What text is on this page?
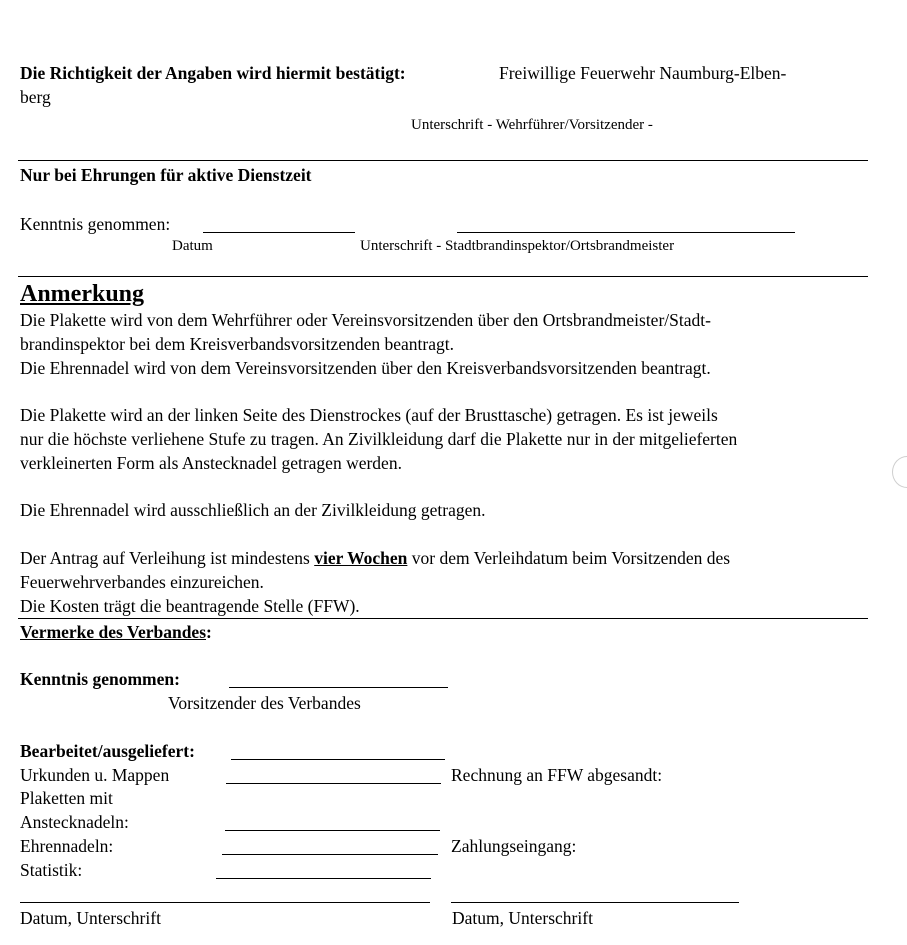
Die Richtigkeit der Angaben wird hiermit bestätigt:	Freiwillige Feuerwehr Naumburg-Elben-
berg
Unterschrift - Wehrführer/Vorsitzender -
Nur bei Ehrungen für aktive Dienstzeit
Kenntnis genommen:
Datum	Unterschrift - Stadtbrandinspektor/Ortsbrandmeister
Anmerkung
Die Plakette wird von dem Wehrführer oder Vereinsvorsitzenden über den Ortsbrandmeister/Stadt-
brandinspektor bei dem Kreisverbandsvorsitzenden beantragt.
Die Ehrennadel wird von dem Vereinsvorsitzenden über den Kreisverbandsvorsitzenden beantragt.
Die Plakette wird an der linken Seite des Dienstrockes (auf der Brusttasche) getragen. Es ist jeweils
nur die höchste verliehene Stufe zu tragen. An Zivilkleidung darf die Plakette nur in der mitgelieferten
verkleinerten Form als Anstecknadel getragen werden.
Die Ehrennadel wird ausschließlich an der Zivilkleidung getragen.
Der Antrag auf Verleihung ist mindestens vier Wochen vor dem Verleihdatum beim Vorsitzenden des
Feuerwehrverbandes einzureichen.
Die Kosten trägt die beantragende Stelle (FFW).
Vermerke des Verbandes:
Kenntnis genommen:
Vorsitzender des Verbandes
Bearbeitet/ausgeliefert:
Urkunden u. Mappen	Rechnung an FFW abgesandt:
Plaketten mit
Anstecknadeln:
Ehrennadeln:	Zahlungseingang:
Statistik:
Datum, Unterschrift	Datum, Unterschrift
